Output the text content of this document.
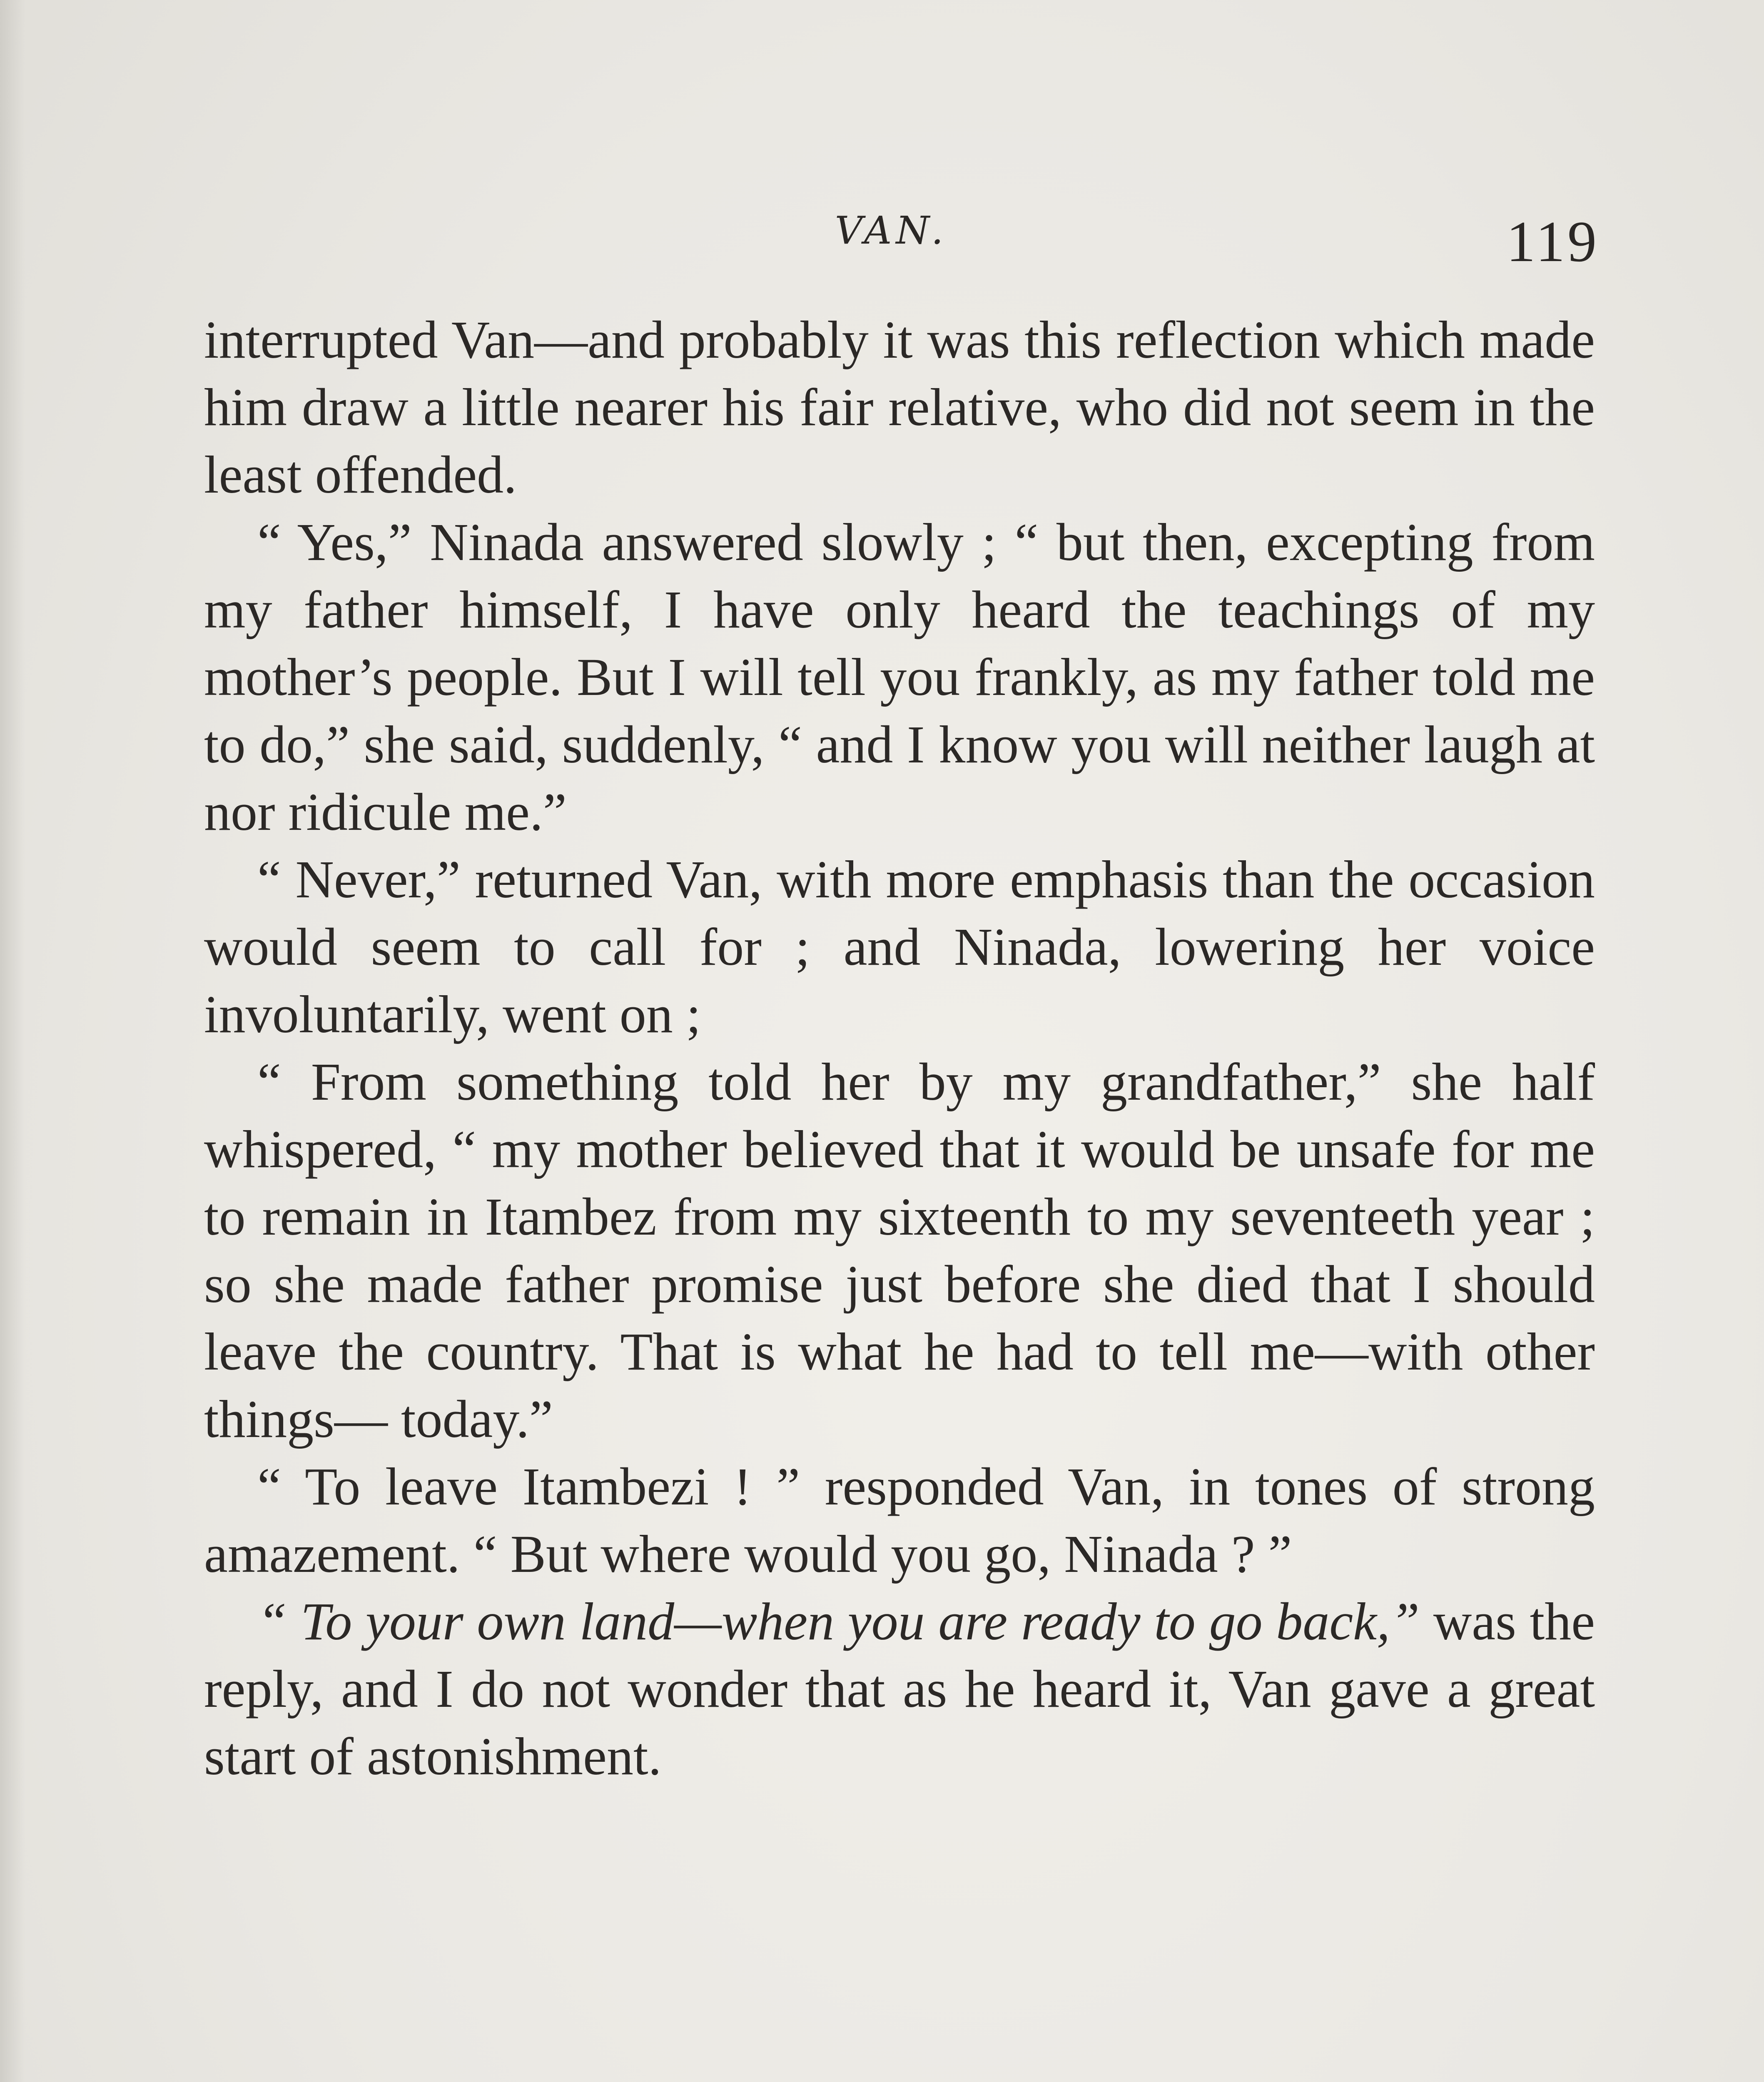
VAN.	119

interrupted Van—and probably it was this reflection which made him draw a little nearer his fair relative, who did not seem in the least offended.

“ Yes,” Ninada answered slowly ; “ but then, excepting from my father himself, I have only heard the teachings of my mother’s people. But I will tell you frankly, as my father told me to do,” she said, suddenly, “ and I know you will neither laugh at nor ridicule me.”

“ Never,” returned Van, with more emphasis than the occasion would seem to call for ; and Ninada, lowering her voice involuntarily, went on ;

“ From something told her by my grandfather,” she half whispered, “ my mother believed that it would be unsafe for me to remain in Itambez from my sixteenth to my seventeeth year ; so she made father promise just before she died that I should leave the country. That is what he had to tell me—with other things— today.”

“ To leave Itambezi ! ” responded Van, in tones of strong amazement. “ But where would you go, Ninada ? ”

“ To your own land—when you are ready to go back,” was the reply, and I do not wonder that as he heard it, Van gave a great start of astonishment.
